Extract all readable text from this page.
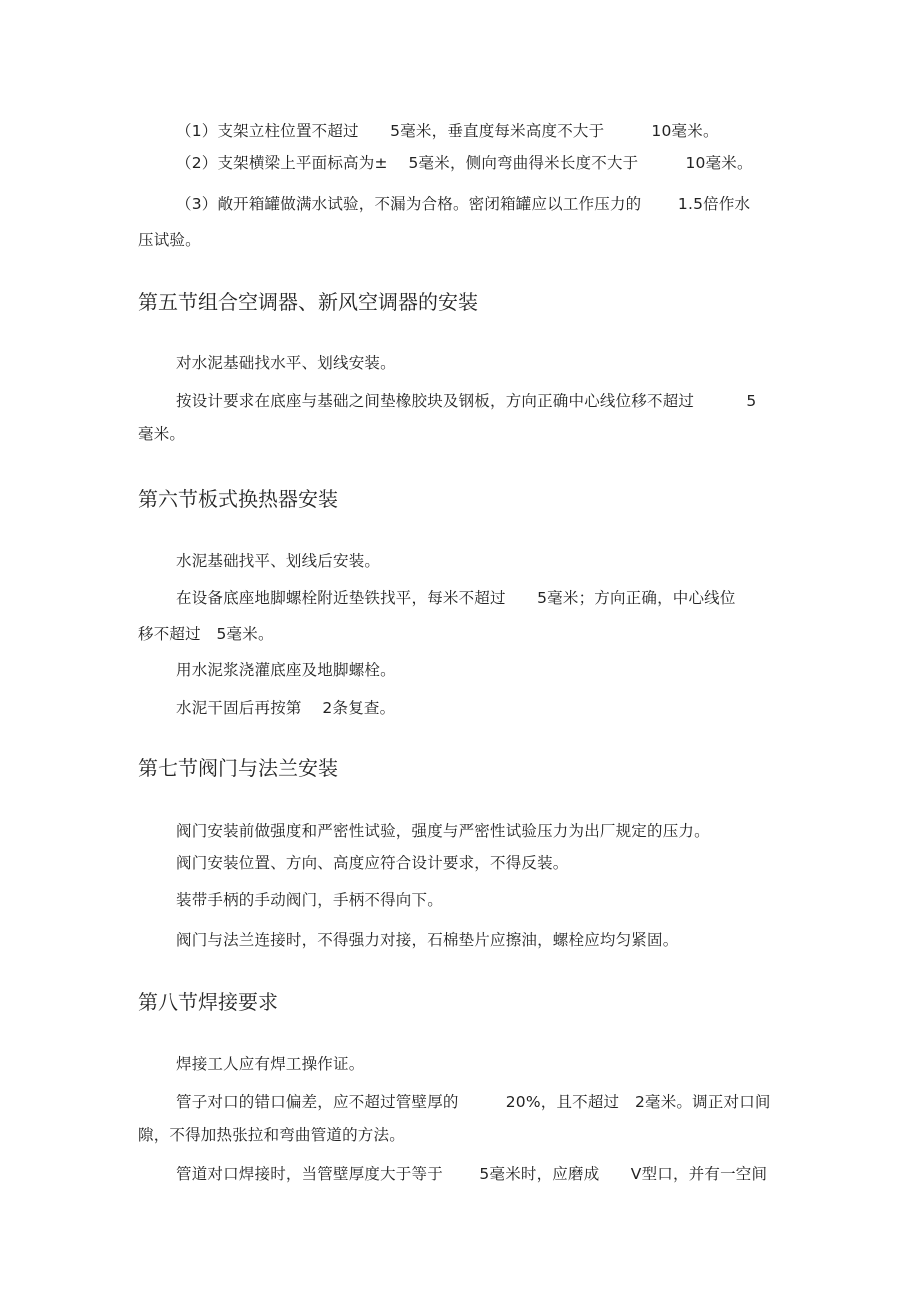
（1）支架立柱位置不超过　　5毫米，垂直度每米高度不大于　　　10毫米。
（2）支架横梁上平面标高为±　 5毫米，侧向弯曲得米长度不大于　　　10毫米。
（3）敞开箱罐做满水试验，不漏为合格。密闭箱罐应以工作压力的　　 1.5倍作水
压试验。
第五节组合空调器、新风空调器的安装
对水泥基础找水平、划线安装。
按设计要求在底座与基础之间垫橡胶块及钢板，方向正确中心线位移不超过　　　 5
毫米。
第六节板式换热器安装
水泥基础找平、划线后安装。
在设备底座地脚螺栓附近垫铁找平，每米不超过　　5毫米；方向正确，中心线位
移不超过　5毫米。
用水泥浆浇灌底座及地脚螺栓。
水泥干固后再按第　 2条复查。
第七节阀门与法兰安装
阀门安装前做强度和严密性试验，强度与严密性试验压力为出厂规定的压力。
阀门安装位置、方向、高度应符合设计要求，不得反装。
装带手柄的手动阀门，手柄不得向下。
阀门与法兰连接时，不得强力对接，石棉垫片应擦油，螺栓应均匀紧固。
第八节焊接要求
焊接工人应有焊工操作证。
管子对口的错口偏差，应不超过管壁厚的　　　20%，且不超过　2毫米。调正对口间
隙，不得加热张拉和弯曲管道的方法。
管道对口焊接时，当管壁厚度大于等于　　 5毫米时，应磨成　　V型口，并有一空间
